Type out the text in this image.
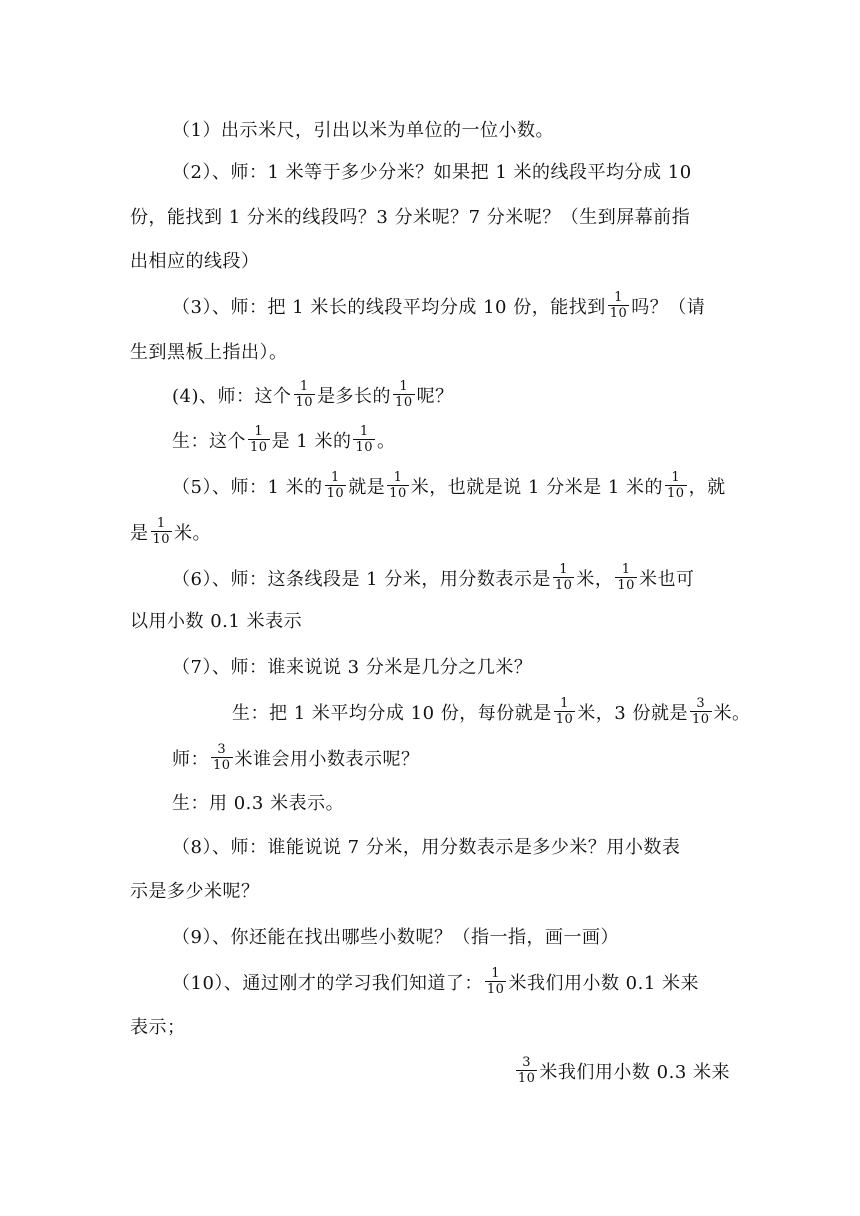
（1）出示米尺，引出以米为单位的一位小数。
（2）、师：1 米等于多少分米？如果把 1 米的线段平均分成 10
份，能找到 1 分米的线段吗？3 分米呢？7 分米呢？（生到屏幕前指
出相应的线段）
（3）、师：把 1 米长的线段平均分成 10 份，能找到 $\frac{1}{10}$ 吗？（请
生到黑板上指出）。
(4)、师：这个 $\frac{1}{10}$ 是多长的 $\frac{1}{10}$ 呢？
生：这个 $\frac{1}{10}$ 是 1 米的 $\frac{1}{10}$ 。
（5）、师：1 米的 $\frac{1}{10}$ 就是 $\frac{1}{10}$ 米，也就是说 1 分米是 1 米的 $\frac{1}{10}$ ，就
是 $\frac{1}{10}$ 米。
（6）、师：这条线段是 1 分米，用分数表示是 $\frac{1}{10}$ 米， $\frac{1}{10}$ 米也可
以用小数 0.1 米表示
（7）、师：谁来说说 3 分米是几分之几米？
生：把 1 米平均分成 10 份，每份就是 $\frac{1}{10}$ 米，3 份就是 $\frac{3}{10}$ 米。
师： $\frac{3}{10}$ 米谁会用小数表示呢？
生：用 0.3 米表示。
（8）、师：谁能说说 7 分米，用分数表示是多少米？用小数表
示是多少米呢？
（9）、你还能在找出哪些小数呢？（指一指，画一画）
（10）、通过刚才的学习我们知道了： $\frac{1}{10}$ 米我们用小数 0.1 米来
表示；
$\frac{3}{10}$ 米我们用小数 0.3 米来
